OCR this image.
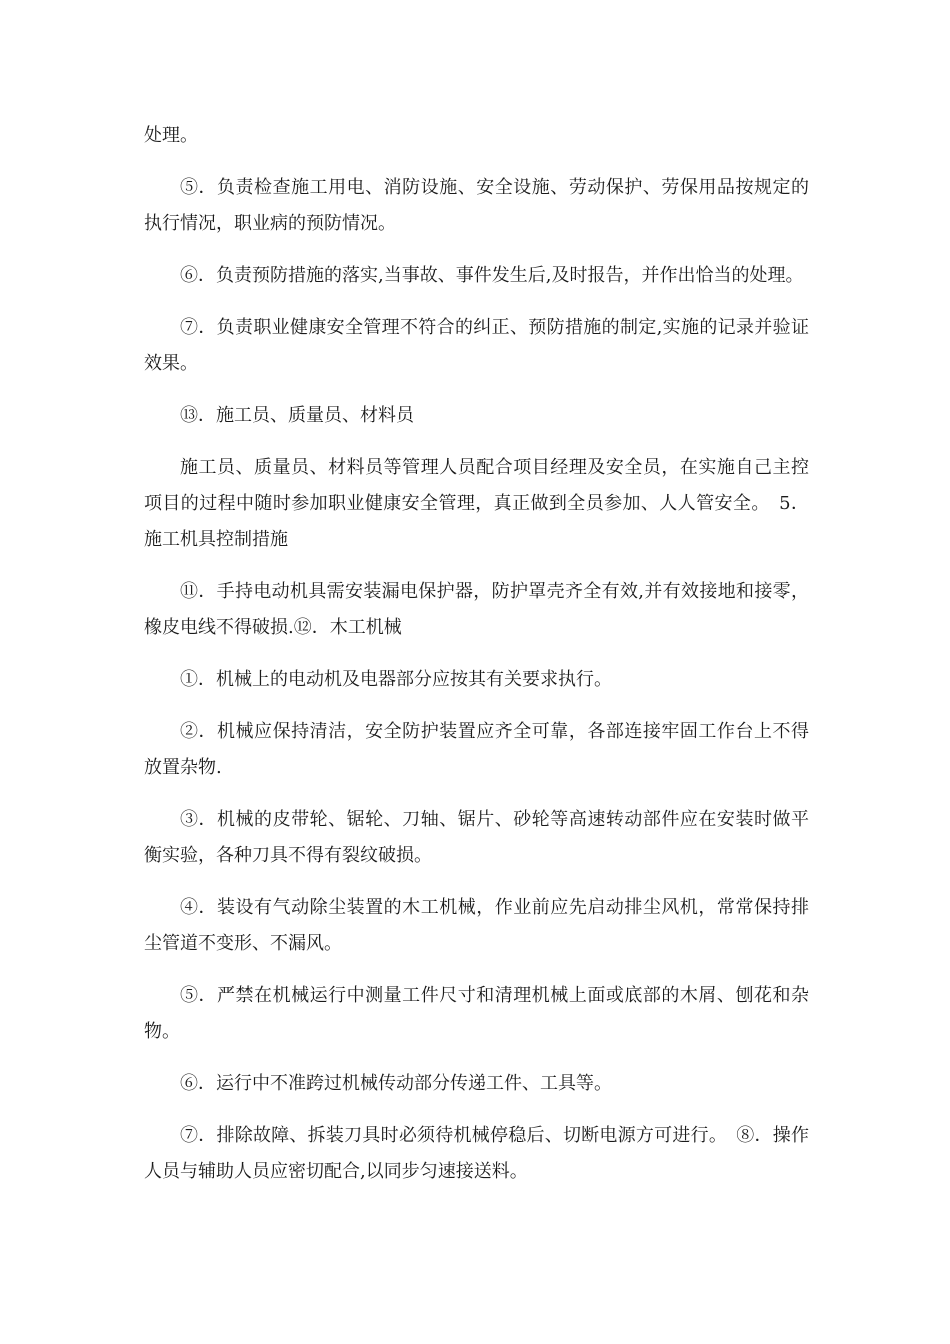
处理。

⑤．负责检查施工用电、消防设施、安全设施、劳动保护、劳保用品按规定的执行情况，职业病的预防情况。

⑥．负责预防措施的落实,当事故、事件发生后,及时报告，并作出恰当的处理。

⑦．负责职业健康安全管理不符合的纠正、预防措施的制定,实施的记录并验证效果。

⑬．施工员、质量员、材料员

施工员、质量员、材料员等管理人员配合项目经理及安全员，在实施自己主控项目的过程中随时参加职业健康安全管理，真正做到全员参加、人人管安全。　5．施工机具控制措施

⑪．手持电动机具需安装漏电保护器，防护罩壳齐全有效,并有效接地和接零，橡皮电线不得破损.⑫．木工机械

①．机械上的电动机及电器部分应按其有关要求执行。

②．机械应保持清洁，安全防护装置应齐全可靠，各部连接牢固工作台上不得放置杂物.

③．机械的皮带轮、锯轮、刀轴、锯片、砂轮等高速转动部件应在安装时做平衡实验，各种刀具不得有裂纹破损。

④．装设有气动除尘装置的木工机械，作业前应先启动排尘风机，常常保持排尘管道不变形、不漏风。

⑤．严禁在机械运行中测量工件尺寸和清理机械上面或底部的木屑、刨花和杂物。

⑥．运行中不准跨过机械传动部分传递工件、工具等。

⑦．排除故障、拆装刀具时必须待机械停稳后、切断电源方可进行。　⑧．操作人员与辅助人员应密切配合,以同步匀速接送料。
